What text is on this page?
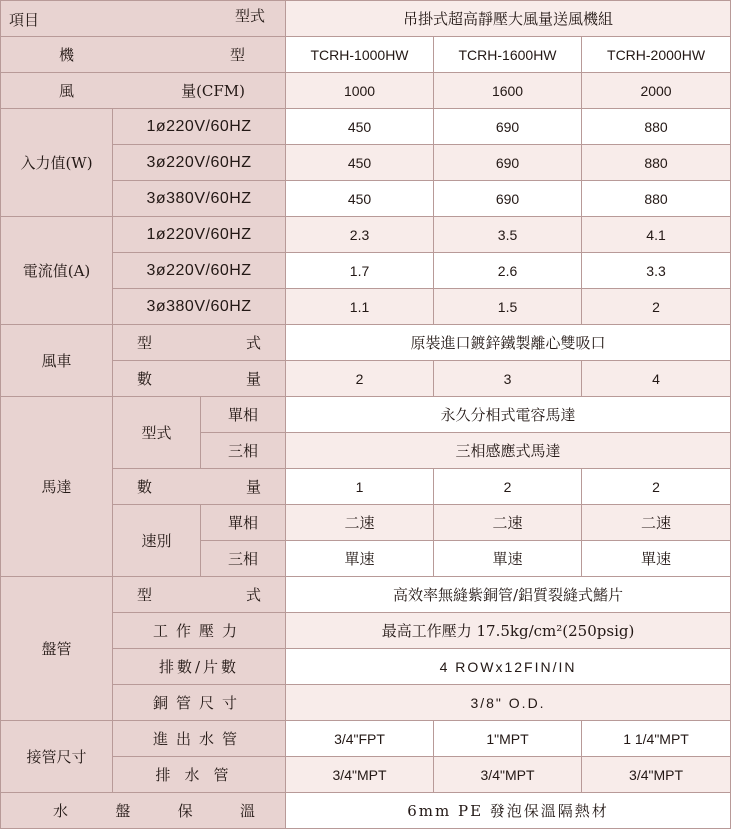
項目 型式			吊掛式超高靜壓大風量送風機組		

機 型			TCRH-1000HW	TCRH-1600HW	TCRH-2000HW

風 量(CFM)			1000	1600	2000
入力值(W)	1ø220V/60HZ		450	690	880
	3ø220V/60HZ		450	690	880
	3ø380V/60HZ		450	690	880
電流值(A)	1ø220V/60HZ		2.3	3.5	4.1
	3ø220V/60HZ		1.7	2.6	3.3
	3ø380V/60HZ		1.1	1.5	2
風車	型 式		原裝進口鍍鋅鐵製離心雙吸口		

	數 量		2	3	4
馬達	型式	單相	永久分相式電容馬達		
		三相	三相感應式馬達		

	數 量		1	2	2
	速別	單相	二速	二速	二速
		三相	單速	單速	單速
盤管	型 式		高效率無縫紫銅管/鋁質裂縫式鰭片		
	工作壓力		最高工作壓力 17.5kg/cm²(250psig)		
	排數/片數		4 ROWx12FIN/IN		
	銅管尺寸		3/8" O.D.		
接管尺寸	進出水管		3/4"FPT	1"MPT	1 1/4"MPT
	排水管		3/4"MPT	3/4"MPT	3/4"MPT

水 盤 保 溫			6mm PE 發泡保溫隔熱材		
